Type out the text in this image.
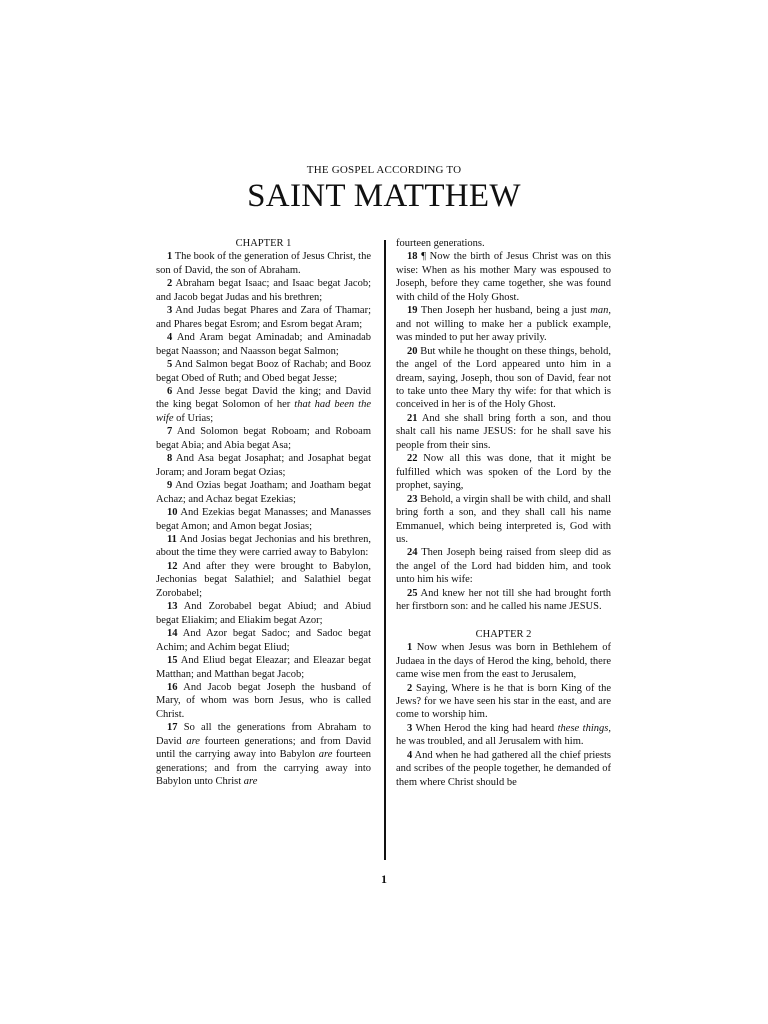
THE GOSPEL ACCORDING TO
SAINT MATTHEW

CHAPTER 1

1 The book of the generation of Jesus Christ, the son of David, the son of Abraham.

2 Abraham begat Isaac; and Isaac begat Jacob; and Jacob begat Judas and his brethren;

3 And Judas begat Phares and Zara of Thamar; and Phares begat Esrom; and Esrom begat Aram;

4 And Aram begat Aminadab; and Aminadab begat Naasson; and Naasson begat Salmon;

5 And Salmon begat Booz of Rachab; and Booz begat Obed of Ruth; and Obed begat Jesse;

6 And Jesse begat David the king; and David the king begat Solomon of her that had been the wife of Urias;

7 And Solomon begat Roboam; and Roboam begat Abia; and Abia begat Asa;

8 And Asa begat Josaphat; and Josaphat begat Joram; and Joram begat Ozias;

9 And Ozias begat Joatham; and Joatham begat Achaz; and Achaz begat Ezekias;

10 And Ezekias begat Manasses; and Manasses begat Amon; and Amon begat Josias;

11 And Josias begat Jechonias and his brethren, about the time they were carried away to Babylon:

12 And after they were brought to Babylon, Jechonias begat Salathiel; and Salathiel begat Zorobabel;

13 And Zorobabel begat Abiud; and Abiud begat Eliakim; and Eliakim begat Azor;

14 And Azor begat Sadoc; and Sadoc begat Achim; and Achim begat Eliud;

15 And Eliud begat Eleazar; and Eleazar begat Matthan; and Matthan begat Jacob;

16 And Jacob begat Joseph the husband of Mary, of whom was born Jesus, who is called Christ.

17 So all the generations from Abraham to David are fourteen generations; and from David until the carrying away into Babylon are fourteen generations; and from the carrying away into Babylon unto Christ are

fourteen generations.

18 ¶ Now the birth of Jesus Christ was on this wise: When as his mother Mary was espoused to Joseph, before they came together, she was found with child of the Holy Ghost.

19 Then Joseph her husband, being a just man, and not willing to make her a publick example, was minded to put her away privily.

20 But while he thought on these things, behold, the angel of the Lord appeared unto him in a dream, saying, Joseph, thou son of David, fear not to take unto thee Mary thy wife: for that which is conceived in her is of the Holy Ghost.

21 And she shall bring forth a son, and thou shalt call his name JESUS: for he shall save his people from their sins.

22 Now all this was done, that it might be fulfilled which was spoken of the Lord by the prophet, saying,

23 Behold, a virgin shall be with child, and shall bring forth a son, and they shall call his name Emmanuel, which being interpreted is, God with us.

24 Then Joseph being raised from sleep did as the angel of the Lord had bidden him, and took unto him his wife:

25 And knew her not till she had brought forth her firstborn son: and he called his name JESUS.

CHAPTER 2

1 Now when Jesus was born in Bethlehem of Judaea in the days of Herod the king, behold, there came wise men from the east to Jerusalem,

2 Saying, Where is he that is born King of the Jews? for we have seen his star in the east, and are come to worship him.

3 When Herod the king had heard these things, he was troubled, and all Jerusalem with him.

4 And when he had gathered all the chief priests and scribes of the people together, he demanded of them where Christ should be

1
